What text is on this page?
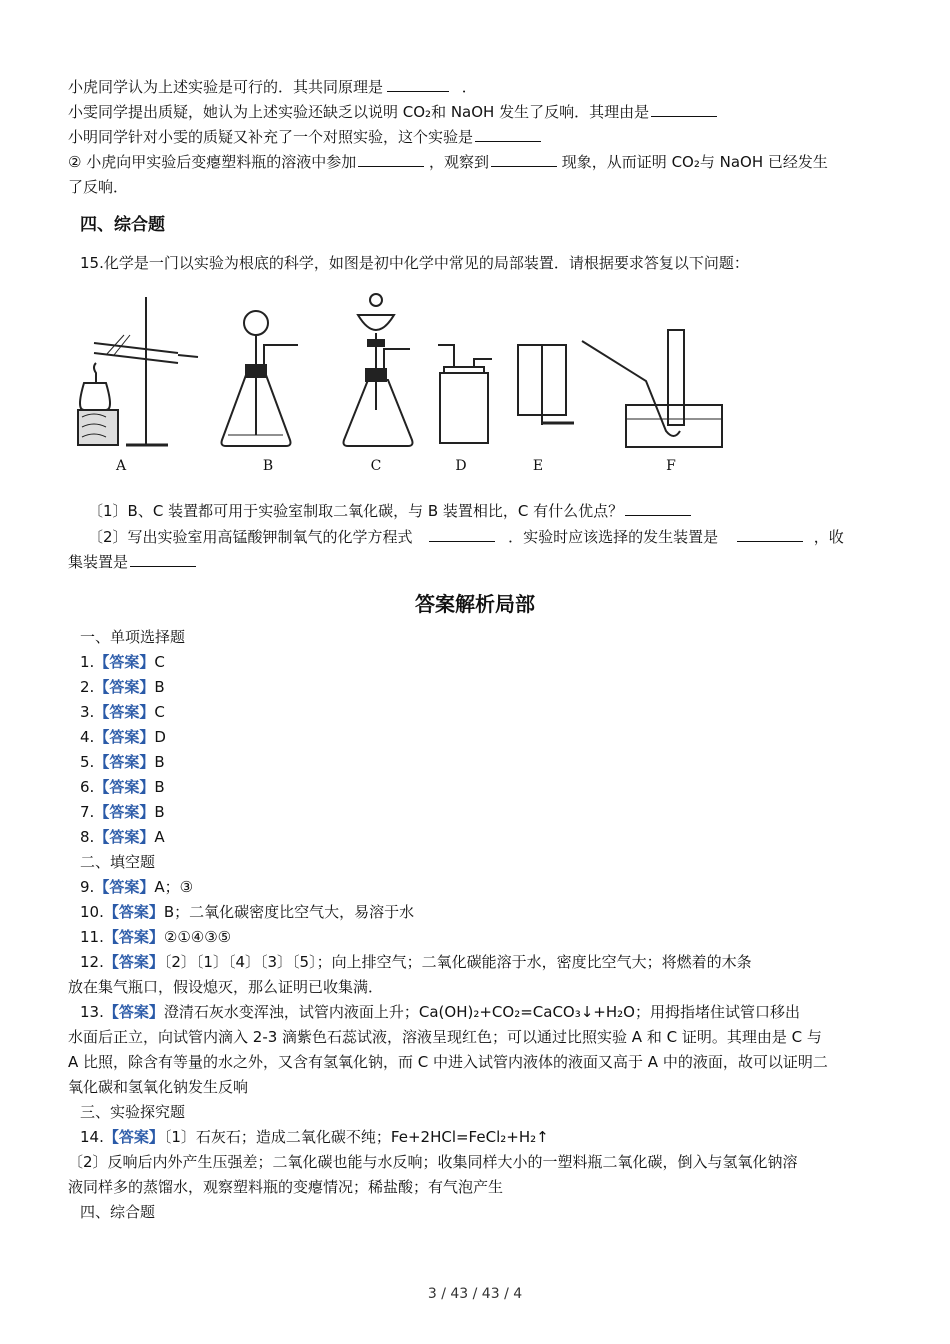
小虎同学认为上述实验是可行的．其共同原理是	．
小雯同学提出质疑，她认为上述实验还缺乏以说明 CO₂和 NaOH 发生了反响．其理由是
小明同学针对小雯的质疑又补充了一个对照实验，这个实验是
② 小虎向甲实验后变瘪塑料瓶的溶液中参加	，观察到	现象，从而证明 CO₂与 NaOH 已经发生
了反响．
四、综合题
15.化学是一门以实验为根底的科学，如图是初中化学中常见的局部装置．请根据要求答复以下问题：
A	B	C	D	E	F
〔1〕B、C 装置都可用于实验室制取二氧化碳，与 B 装置相比，C 有什么优点？
〔2〕写出实验室用高锰酸钾制氧气的化学方程式	．实验时应该选择的发生装置是	，收
集装置是
答案解析局部
一、单项选择题
1.【答案】C
2.【答案】B
3.【答案】C
4.【答案】D
5.【答案】B
6.【答案】B
7.【答案】B
8.【答案】A
二、填空题
9.【答案】A；③
10.【答案】B；二氧化碳密度比空气大，易溶于水
11.【答案】②①④③⑤
12.【答案】〔2〕〔1〕〔4〕〔3〕〔5〕；向上排空气；二氧化碳能溶于水，密度比空气大；将燃着的木条
放在集气瓶口，假设熄灭，那么证明已收集满．
13.【答案】澄清石灰水变浑浊，试管内液面上升；Ca(OH)₂+CO₂=CaCO₃↓+H₂O；用拇指堵住试管口移出
水面后正立，向试管内滴入 2-3 滴紫色石蕊试液，溶液呈现红色；可以通过比照实验 A 和 C 证明。其理由是 C 与
A 比照，除含有等量的水之外，又含有氢氧化钠，而 C 中进入试管内液体的液面又高于 A 中的液面，故可以证明二
氧化碳和氢氧化钠发生反响
三、实验探究题
14.【答案】〔1〕石灰石；造成二氧化碳不纯；Fe+2HCl=FeCl₂+H₂↑
〔2〕反响后内外产生压强差；二氧化碳也能与水反响；收集同样大小的一塑料瓶二氧化碳，倒入与氢氧化钠溶
液同样多的蒸馏水，观察塑料瓶的变瘪情况；稀盐酸；有气泡产生
四、综合题
3 / 43 / 43 / 4
